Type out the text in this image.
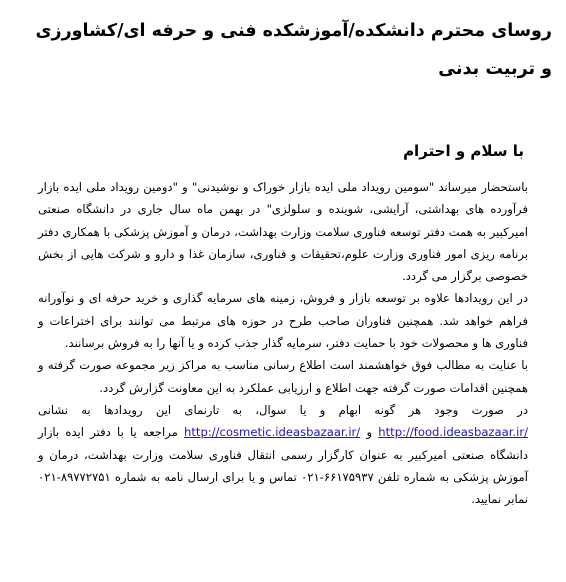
روسای محترم دانشکده/آموزشکده فنی و حرفه ای/کشاورزی و تربیت بدنی
با سلام و احترام

باستحضار میرساند "سومین رویداد ملی ایده بازار خوراک و نوشیدنی" و "دومین رویداد ملی ایده بازار فرآورده های بهداشتی، آرایشی، شوینده و سلولزی" در بهمن ماه سال جاری در دانشگاه صنعتی امیرکبیر به همت دفتر توسعه فناوری سلامت وزارت بهداشت، درمان و آموزش پزشکی با همکاری دفتر برنامه ریزی امور فناوری وزارت علوم،تحقیقات و فناوری، سازمان غذا و دارو و شرکت هایی از بخش خصوصی برگزار می گردد.

در این رویدادها علاوه بر توسعه بازار و فروش، زمینه های سرمایه گذاری و خرید حرفه ای و نوآورانه فراهم خواهد شد. همچنین فناوران صاحب طرح در حوزه های مرتبط می توانند برای اختراعات و فناوری ها و محصولات خود با حمایت دفتر، سرمایه گذار جذب کرده و یا آنها را به فروش برسانند.

با عنایت به مطالب فوق خواهشمند است اطلاع رسانی مناسب به مراکز زیر مجموعه صورت گرفته و همچنین اقدامات صورت گرفته جهت اطلاع و ارزیابی عملکرد به این معاونت گزارش گردد.

در صورت وجود هر گونه ابهام و یا سوال، به تارنمای این رویدادها به نشانی http://food.ideasbazaar.ir/ و http://cosmetic.ideasbazaar.ir/ مراجعه یا با دفتر ایده بازار دانشگاه صنعتی امیرکبیر به عنوان کارگزار رسمی انتقال فناوری سلامت وزارت بهداشت، درمان و آموزش پزشکی به شماره تلفن ۶۶۱۷۵۹۳۷-۰۲۱ تماس و یا برای ارسال نامه به شماره ۸۹۷۷۲۷۵۱-۰۲۱ نمابر نمایید.
